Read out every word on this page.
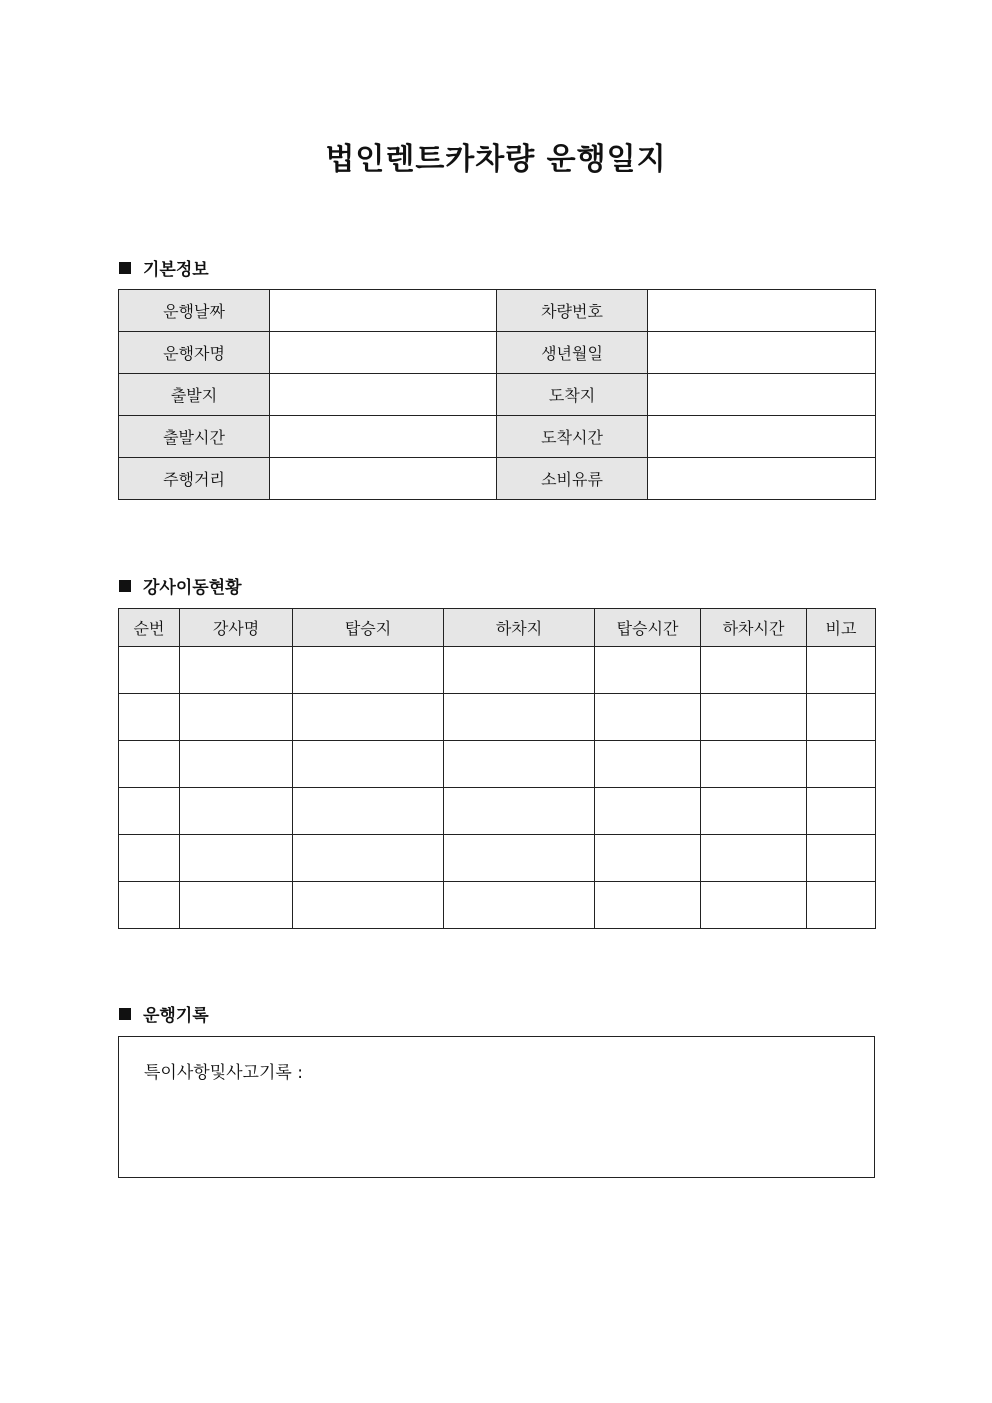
법인렌트카차량 운행일지
기본정보
운행날짜		차량번호	
운행자명		생년월일	
출발지		도착지	
출발시간		도착시간	
주행거리		소비유류	
강사이동현황
순번	강사명	탑승지	하차지	탑승시간	하차시간	비고

운행기록
특이사항및사고기록 :
